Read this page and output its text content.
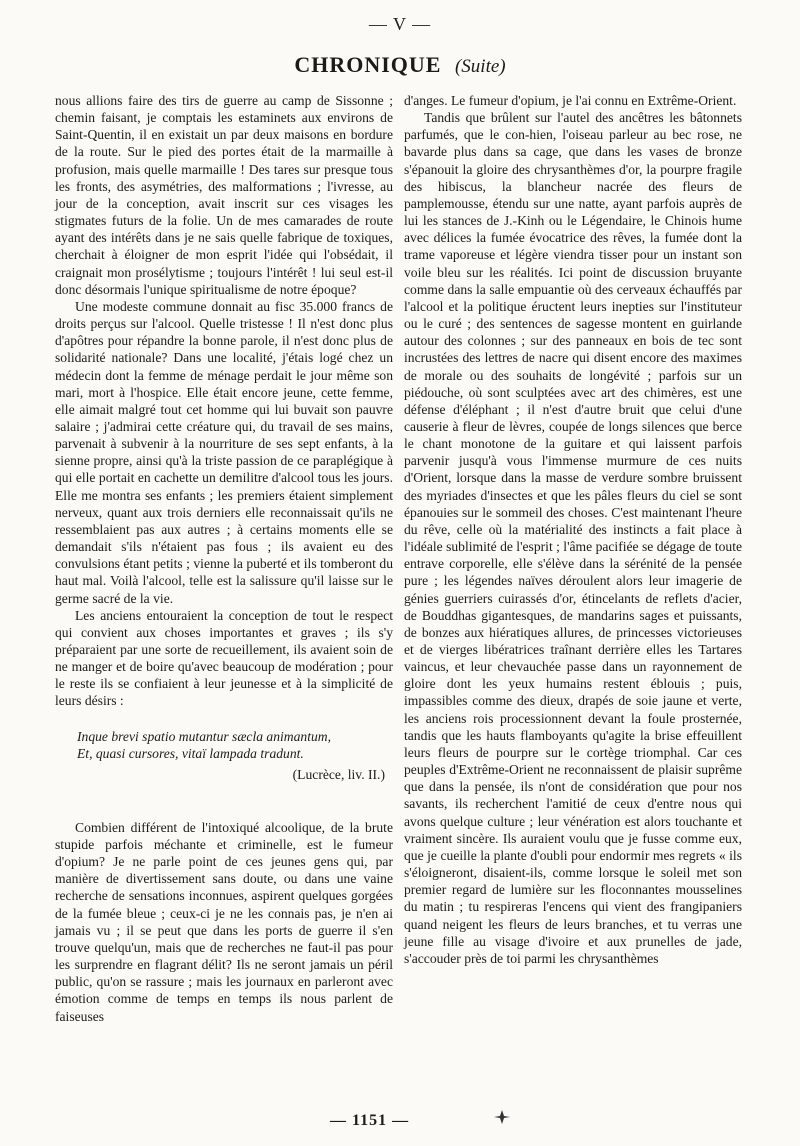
— V —
CHRONIQUE (Suite)

nous allions faire des tirs de guerre au camp de Sissonne ; chemin faisant, je comptais les estaminets aux environs de Saint-Quentin, il en existait un par deux maisons en bordure de la route. Sur le pied des portes était de la marmaille à profusion, mais quelle marmaille ! Des tares sur presque tous les fronts, des asymétries, des malformations ; l'ivresse, au jour de la conception, avait inscrit sur ces visages les stigmates futurs de la folie. Un de mes camarades de route ayant des intérêts dans je ne sais quelle fabrique de toxiques, cherchait à éloigner de mon esprit l'idée qui l'obsédait, il craignait mon prosélytisme ; toujours l'intérêt ! lui seul est-il donc désormais l'unique spiritualisme de notre époque?

Une modeste commune donnait au fisc 35.000 francs de droits perçus sur l'alcool. Quelle tristesse ! Il n'est donc plus d'apôtres pour répandre la bonne parole, il n'est donc plus de solidarité nationale? Dans une localité, j'étais logé chez un médecin dont la femme de ménage perdait le jour même son mari, mort à l'hospice. Elle était encore jeune, cette femme, elle aimait malgré tout cet homme qui lui buvait son pauvre salaire ; j'admirai cette créature qui, du travail de ses mains, parvenait à subvenir à la nourriture de ses sept enfants, à la sienne propre, ainsi qu'à la triste passion de ce paraplégique à qui elle portait en cachette un demilitre d'alcool tous les jours. Elle me montra ses enfants ; les premiers étaient simplement nerveux, quant aux trois derniers elle reconnaissait qu'ils ne ressemblaient pas aux autres ; à certains moments elle se demandait s'ils n'étaient pas fous ; ils avaient eu des convulsions étant petits ; vienne la puberté et ils tomberont du haut mal. Voilà l'alcool, telle est la salissure qu'il laisse sur le germe sacré de la vie.

Les anciens entouraient la conception de tout le respect qui convient aux choses importantes et graves ; ils s'y préparaient par une sorte de recueillement, ils avaient soin de ne manger et de boire qu'avec beaucoup de modération ; pour le reste ils se confiaient à leur jeunesse et à la simplicité de leurs désirs :

Inque brevi spatio mutantur sæcla animantum,
Et, quasi cursores, vitaï lampada tradunt.
(Lucrèce, liv. II.)

Combien différent de l'intoxiqué alcoolique, de la brute stupide parfois méchante et criminelle, est le fumeur d'opium? Je ne parle point de ces jeunes gens qui, par manière de divertissement sans doute, ou dans une vaine recherche de sensations inconnues, aspirent quelques gorgées de la fumée bleue ; ceux-ci je ne les connais pas, je n'en ai jamais vu ; il se peut que dans les ports de guerre il s'en trouve quelqu'un, mais que de recherches ne faut-il pas pour les surprendre en flagrant délit? Ils ne seront jamais un péril public, qu'on se rassure ; mais les journaux en parleront avec émotion comme de temps en temps ils nous parlent de faiseuses

d'anges. Le fumeur d'opium, je l'ai connu en Extrême-Orient.

Tandis que brûlent sur l'autel des ancêtres les bâtonnets parfumés, que le con-hien, l'oiseau parleur au bec rose, ne bavarde plus dans sa cage, que dans les vases de bronze s'épanouit la gloire des chrysanthèmes d'or, la pourpre fragile des hibiscus, la blancheur nacrée des fleurs de pamplemousse, étendu sur une natte, ayant parfois auprès de lui les stances de J.-Kinh ou le Légendaire, le Chinois hume avec délices la fumée évocatrice des rêves, la fumée dont la trame vaporeuse et légère viendra tisser pour un instant son voile bleu sur les réalités. Ici point de discussion bruyante comme dans la salle empuantie où des cerveaux échauffés par l'alcool et la politique éructent leurs inepties sur l'instituteur ou le curé ; des sentences de sagesse montent en guirlande autour des colonnes ; sur des panneaux en bois de tec sont incrustées des lettres de nacre qui disent encore des maximes de morale ou des souhaits de longévité ; parfois sur un piédouche, où sont sculptées avec art des chimères, est une défense d'éléphant ; il n'est d'autre bruit que celui d'une causerie à fleur de lèvres, coupée de longs silences que berce le chant monotone de la guitare et qui laissent parfois parvenir jusqu'à vous l'immense murmure de ces nuits d'Orient, lorsque dans la masse de verdure sombre bruissent des myriades d'insectes et que les pâles fleurs du ciel se sont épanouies sur le sommeil des choses. C'est maintenant l'heure du rêve, celle où la matérialité des instincts a fait place à l'idéale sublimité de l'esprit ; l'âme pacifiée se dégage de toute entrave corporelle, elle s'élève dans la sérénité de la pensée pure ; les légendes naïves déroulent alors leur imagerie de génies guerriers cuirassés d'or, étincelants de reflets d'acier, de Bouddhas gigantesques, de mandarins sages et puissants, de bonzes aux hiératiques allures, de princesses victorieuses et de vierges libératrices traînant derrière elles les Tartares vaincus, et leur chevauchée passe dans un rayonnement de gloire dont les yeux humains restent éblouis ; puis, impassibles comme des dieux, drapés de soie jaune et verte, les anciens rois processionnent devant la foule prosternée, tandis que les hauts flamboyants qu'agite la brise effeuillent leurs fleurs de pourpre sur le cortège triomphal. Car ces peuples d'Extrême-Orient ne reconnaissent de plaisir suprême que dans la pensée, ils n'ont de considération que pour nos savants, ils recherchent l'amitié de ceux d'entre nous qui avons quelque culture ; leur vénération est alors touchante et vraiment sincère. Ils auraient voulu que je fusse comme eux, que je cueille la plante d'oubli pour endormir mes regrets « ils s'éloigneront, disaient-ils, comme lorsque le soleil met son premier regard de lumière sur les floconnantes mousselines du matin ; tu respireras l'encens qui vient des frangipaniers quand neigent les fleurs de leurs branches, et tu verras une jeune fille au visage d'ivoire et aux prunelles de jade, s'accouder près de toi parmi les chrysanthèmes

— 1151 —
